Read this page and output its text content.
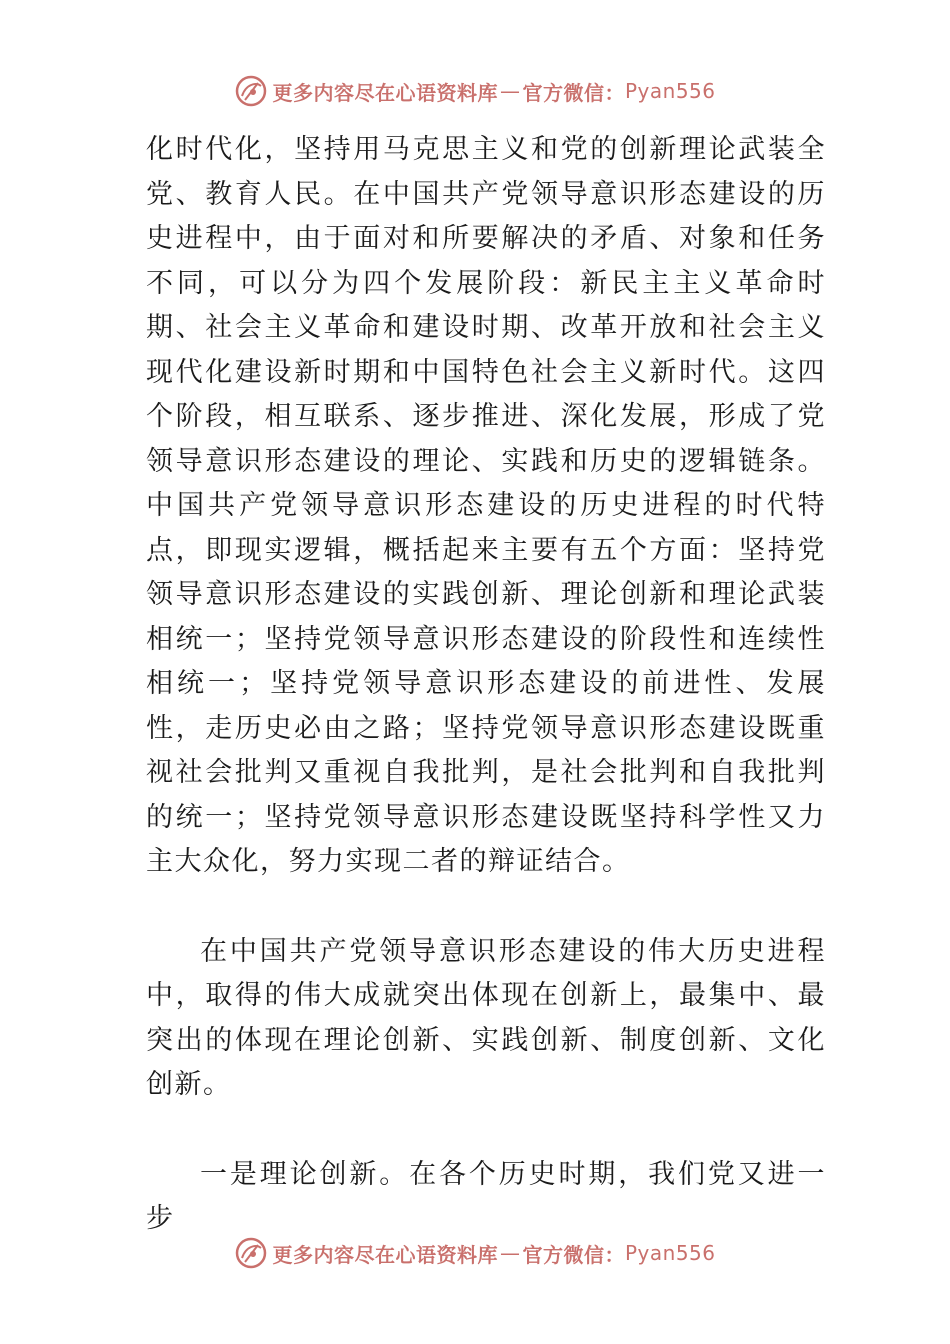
更多内容尽在心语资料库 — 官方微信： Pyan556

化时代化，坚持用马克思主义和党的创新理论武装全党、教育人民。在中国共产党领导意识形态建设的历史进程中，由于面对和所要解决的矛盾、对象和任务不同，可以分为四个发展阶段：新民主主义革命时期、社会主义革命和建设时期、改革开放和社会主义现代化建设新时期和中国特色社会主义新时代。这四个阶段，相互联系、逐步推进、深化发展，形成了党领导意识形态建设的理论、实践和历史的逻辑链条。中国共产党领导意识形态建设的历史进程的时代特点，即现实逻辑，概括起来主要有五个方面：坚持党领导意识形态建设的实践创新、理论创新和理论武装相统一；坚持党领导意识形态建设的阶段性和连续性相统一；坚持党领导意识形态建设的前进性、发展性，走历史必由之路；坚持党领导意识形态建设既重视社会批判又重视自我批判，是社会批判和自我批判的统一；坚持党领导意识形态建设既坚持科学性又力主大众化，努力实现二者的辩证结合。

在中国共产党领导意识形态建设的伟大历史进程中，取得的伟大成就突出体现在创新上，最集中、最突出的体现在理论创新、实践创新、制度创新、文化创新。

一是理论创新。在各个历史时期，我们党又进一步

更多内容尽在心语资料库 — 官方微信： Pyan556
